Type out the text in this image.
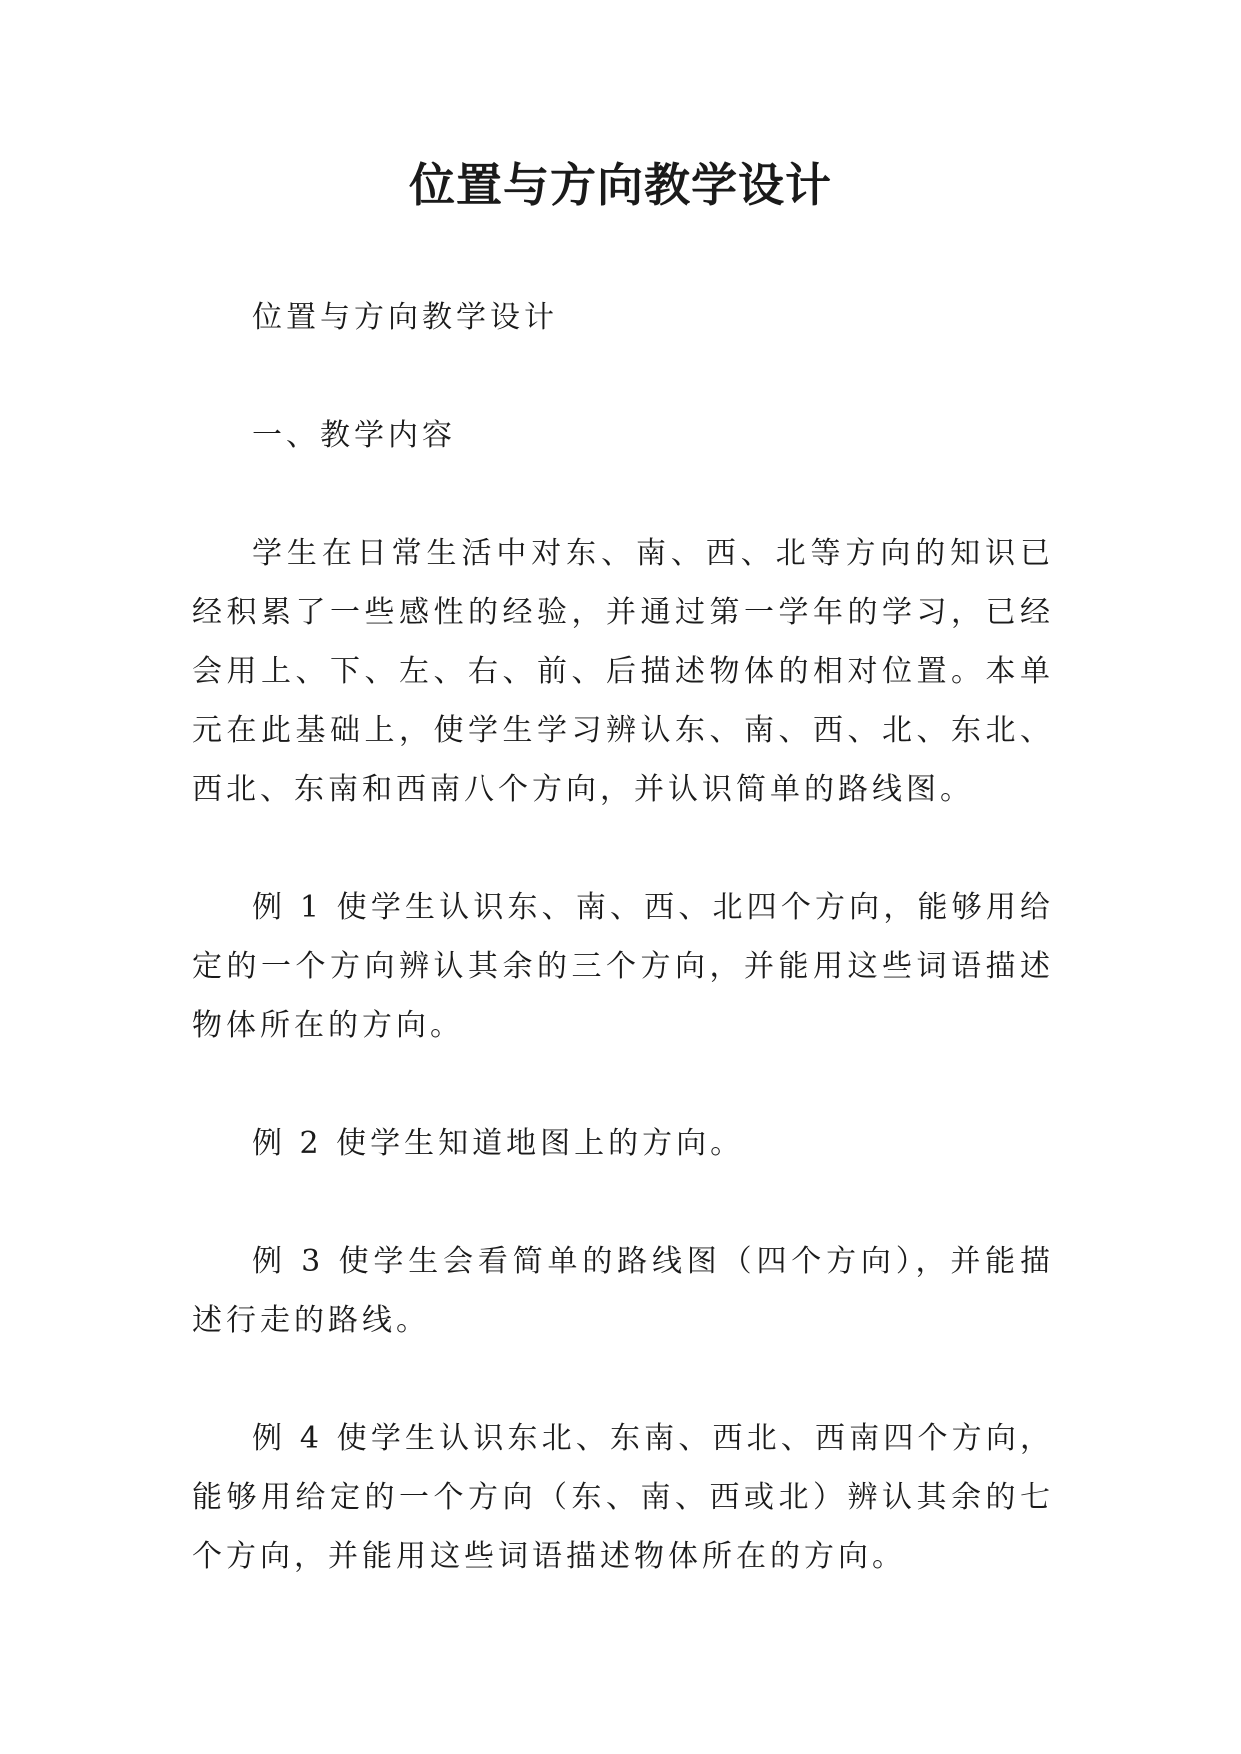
位置与方向教学设计

位置与方向教学设计

一、教学内容

学生在日常生活中对东、南、西、北等方向的知识已经积累了一些感性的经验，并通过第一学年的学习，已经会用上、下、左、右、前、后描述物体的相对位置。本单元在此基础上，使学生学习辨认东、南、西、北、东北、西北、东南和西南八个方向，并认识简单的路线图。

例 1 使学生认识东、南、西、北四个方向，能够用给定的一个方向辨认其余的三个方向，并能用这些词语描述物体所在的方向。

例 2 使学生知道地图上的方向。

例 3 使学生会看简单的路线图（四个方向），并能描述行走的路线。

例 4 使学生认识东北、东南、西北、西南四个方向，能够用给定的一个方向（东、南、西或北）辨认其余的七个方向，并能用这些词语描述物体所在的方向。
